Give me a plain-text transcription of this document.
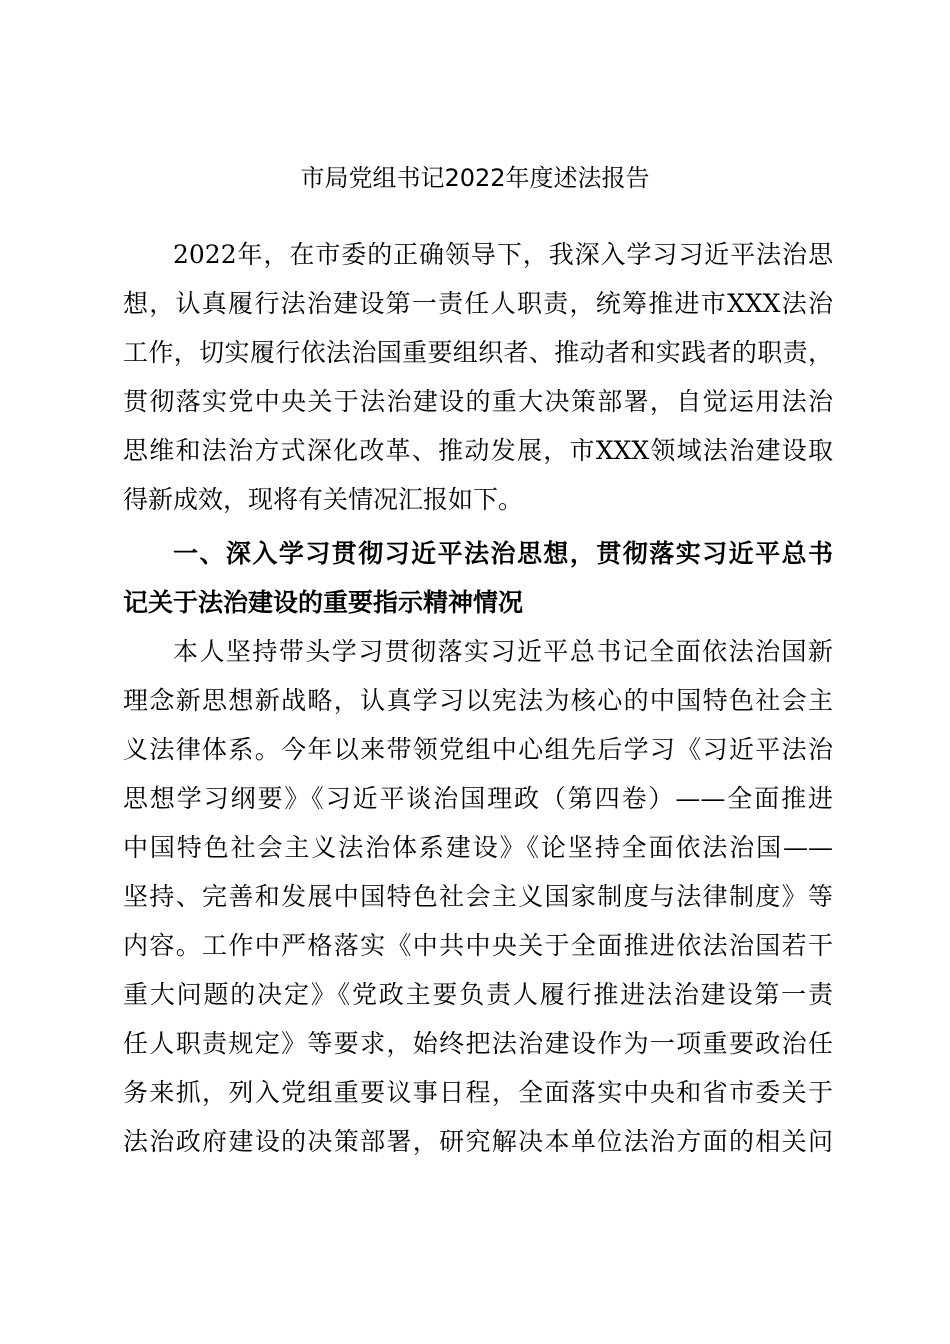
市局党组书记2022年度述法报告
2022年，在市委的正确领导下，我深入学习习近平法治思
想，认真履行法治建设第一责任人职责，统筹推进市XXX法治
工作，切实履行依法治国重要组织者、推动者和实践者的职责，
贯彻落实党中央关于法治建设的重大决策部署，自觉运用法治
思维和法治方式深化改革、推动发展，市XXX领域法治建设取
得新成效，现将有关情况汇报如下。
一、深入学习贯彻习近平法治思想，贯彻落实习近平总书
记关于法治建设的重要指示精神情况
本人坚持带头学习贯彻落实习近平总书记全面依法治国新
理念新思想新战略，认真学习以宪法为核心的中国特色社会主
义法律体系。今年以来带领党组中心组先后学习《习近平法治
思想学习纲要》《习近平谈治国理政（第四卷）——全面推进
中国特色社会主义法治体系建设》《论坚持全面依法治国——
坚持、完善和发展中国特色社会主义国家制度与法律制度》等
内容。工作中严格落实《中共中央关于全面推进依法治国若干
重大问题的决定》《党政主要负责人履行推进法治建设第一责
任人职责规定》等要求，始终把法治建设作为一项重要政治任
务来抓，列入党组重要议事日程，全面落实中央和省市委关于
法治政府建设的决策部署，研究解决本单位法治方面的相关问
